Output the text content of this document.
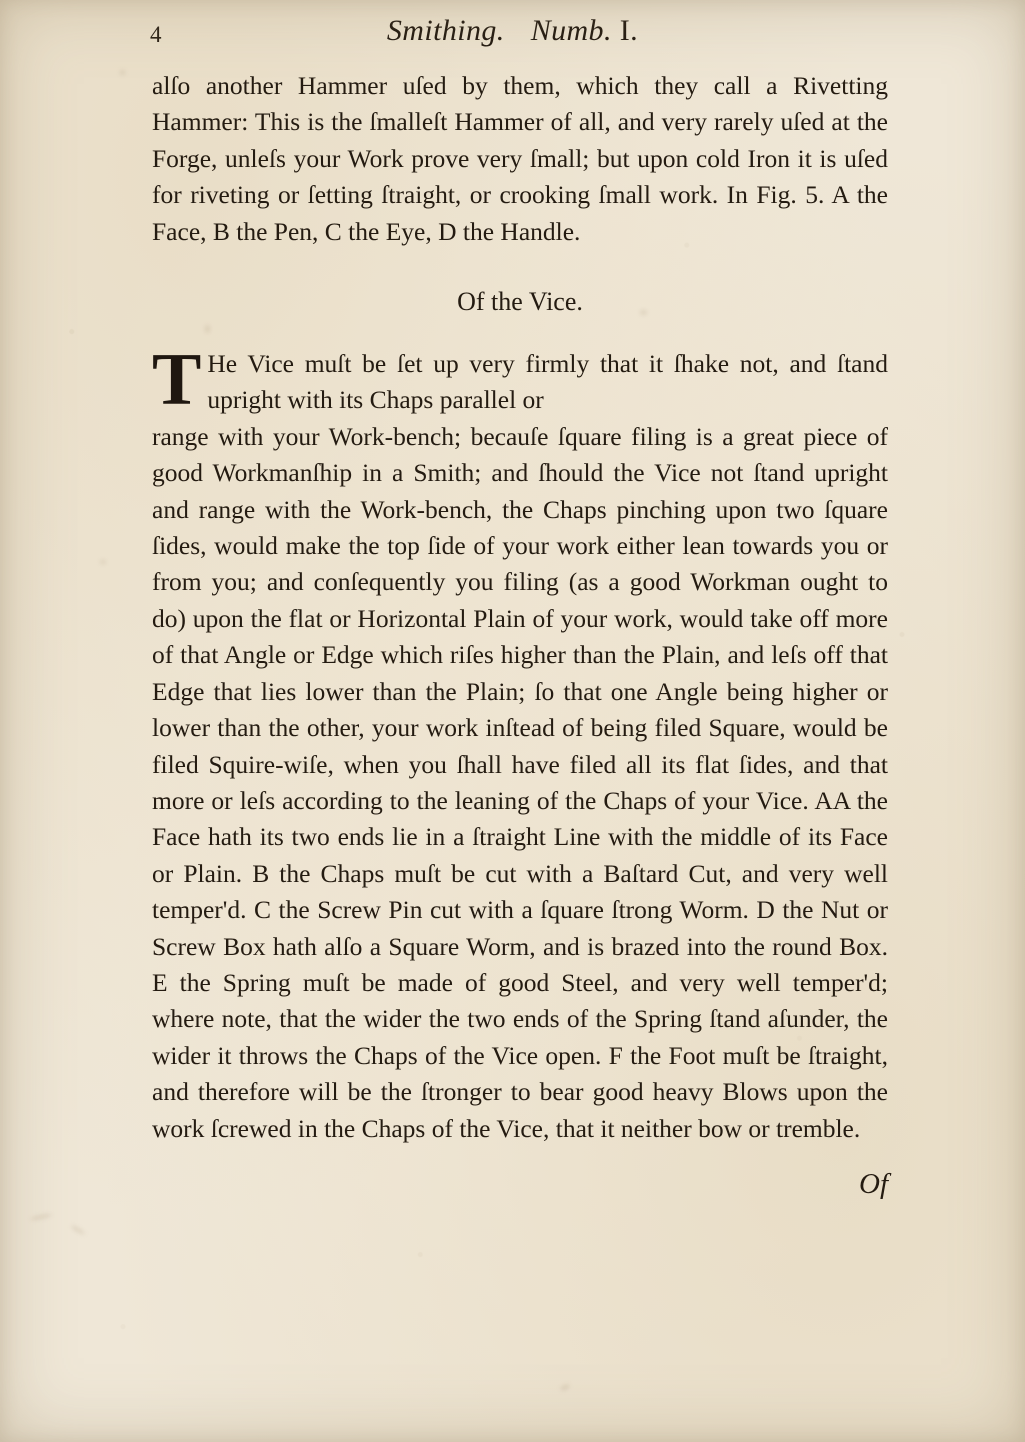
4	Smithing. Numb. I.

alſo another Hammer uſed by them, which they call a Rivetting Hammer: This is the ſmalleſt Hammer of all, and very rarely uſed at the Forge, unleſs your Work prove very ſmall; but upon cold Iron it is uſed for riveting or ſetting ſtraight, or crooking ſmall work. In Fig. 5. A the Face, B the Pen, C the Eye, D the Handle.

Of the Vice.
T He Vice muſt be ſet up very firmly that it ſhake not, and ſtand upright with its Chaps parallel or

range with your Work-bench; becauſe ſquare filing is a great piece of good Workmanſhip in a Smith; and ſhould the Vice not ſtand upright and range with the Work-bench, the Chaps pinching upon two ſquare ſides, would make the top ſide of your work either lean towards you or from you; and conſequently you filing (as a good Workman ought to do) upon the flat or Horizontal Plain of your work, would take off more of that Angle or Edge which riſes higher than the Plain, and leſs off that Edge that lies lower than the Plain; ſo that one Angle being higher or lower than the other, your work inſtead of being filed Square, would be filed Squire-wiſe, when you ſhall have filed all its flat ſides, and that more or leſs according to the leaning of the Chaps of your Vice. AA the Face hath its two ends lie in a ſtraight Line with the middle of its Face or Plain. B the Chaps muſt be cut with a Baſtard Cut, and very well temper'd. C the Screw Pin cut with a ſquare ſtrong Worm. D the Nut or Screw Box hath alſo a Square Worm, and is brazed into the round Box. E the Spring muſt be made of good Steel, and very well temper'd; where note, that the wider the two ends of the Spring ſtand aſunder, the wider it throws the Chaps of the Vice open. F the Foot muſt be ſtraight, and therefore will be the ſtronger to bear good heavy Blows upon the work ſcrewed in the Chaps of the Vice, that it neither bow or tremble.

Of
